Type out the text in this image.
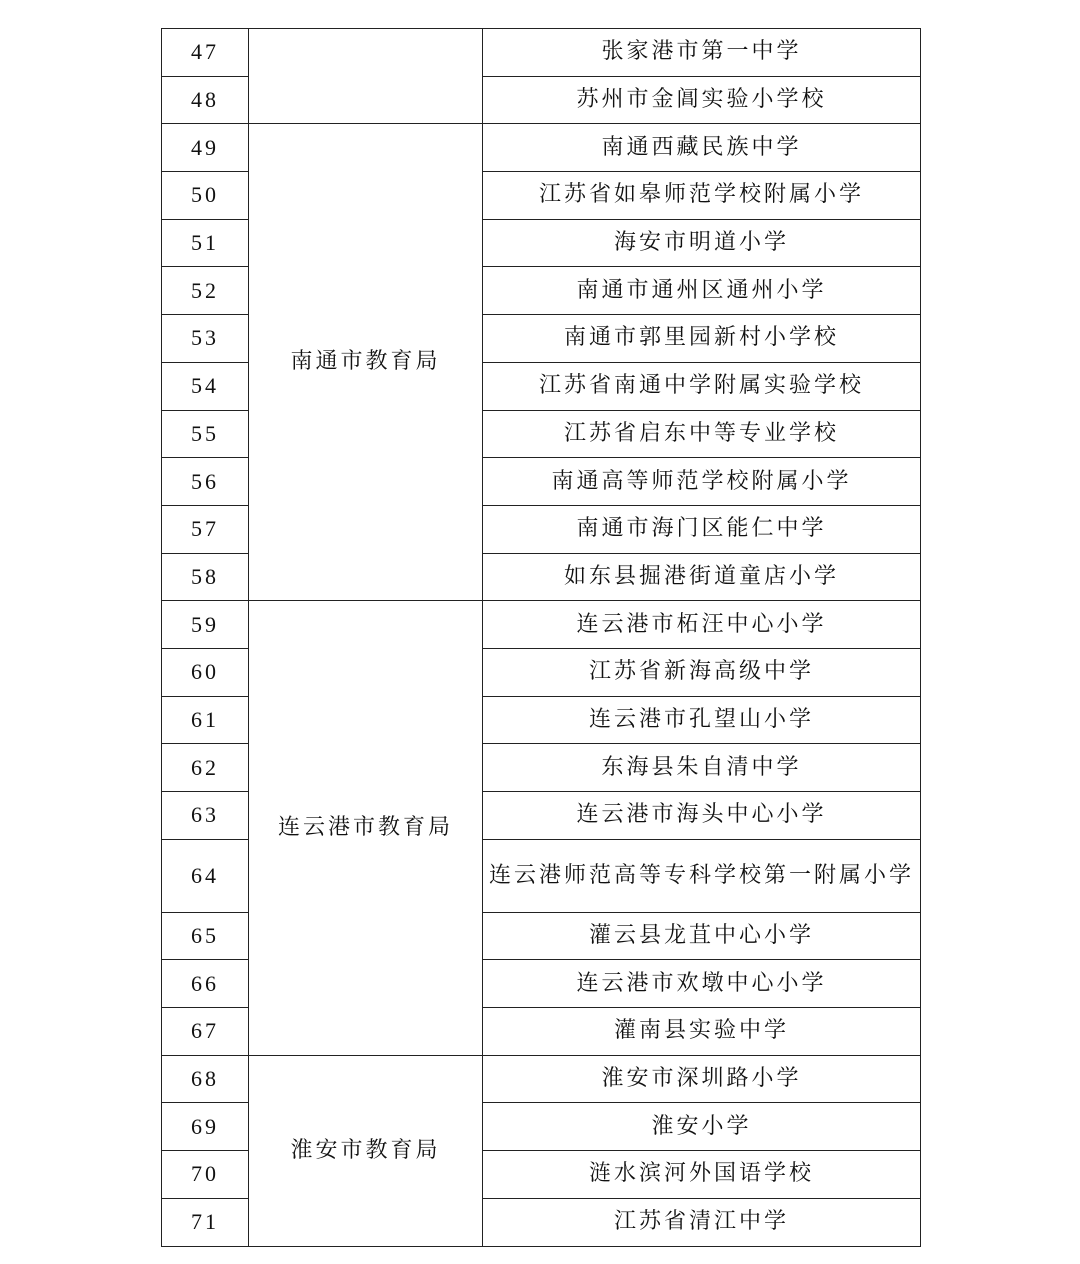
47		张家港市第一中学
48		苏州市金阊实验小学校
49	南通市教育局	南通西藏民族中学
50		江苏省如皋师范学校附属小学
51		海安市明道小学
52		南通市通州区通州小学
53		南通市郭里园新村小学校
54		江苏省南通中学附属实验学校
55		江苏省启东中等专业学校
56		南通高等师范学校附属小学
57		南通市海门区能仁中学
58		如东县掘港街道童店小学
59	连云港市教育局	连云港市柘汪中心小学
60		江苏省新海高级中学
61		连云港市孔望山小学
62		东海县朱自清中学
63		连云港市海头中心小学
64		连云港师范高等专科学校第一附属小学
65		灌云县龙苴中心小学
66		连云港市欢墩中心小学
67		灌南县实验中学
68	淮安市教育局	淮安市深圳路小学
69		淮安小学
70		涟水滨河外国语学校
71		江苏省清江中学
